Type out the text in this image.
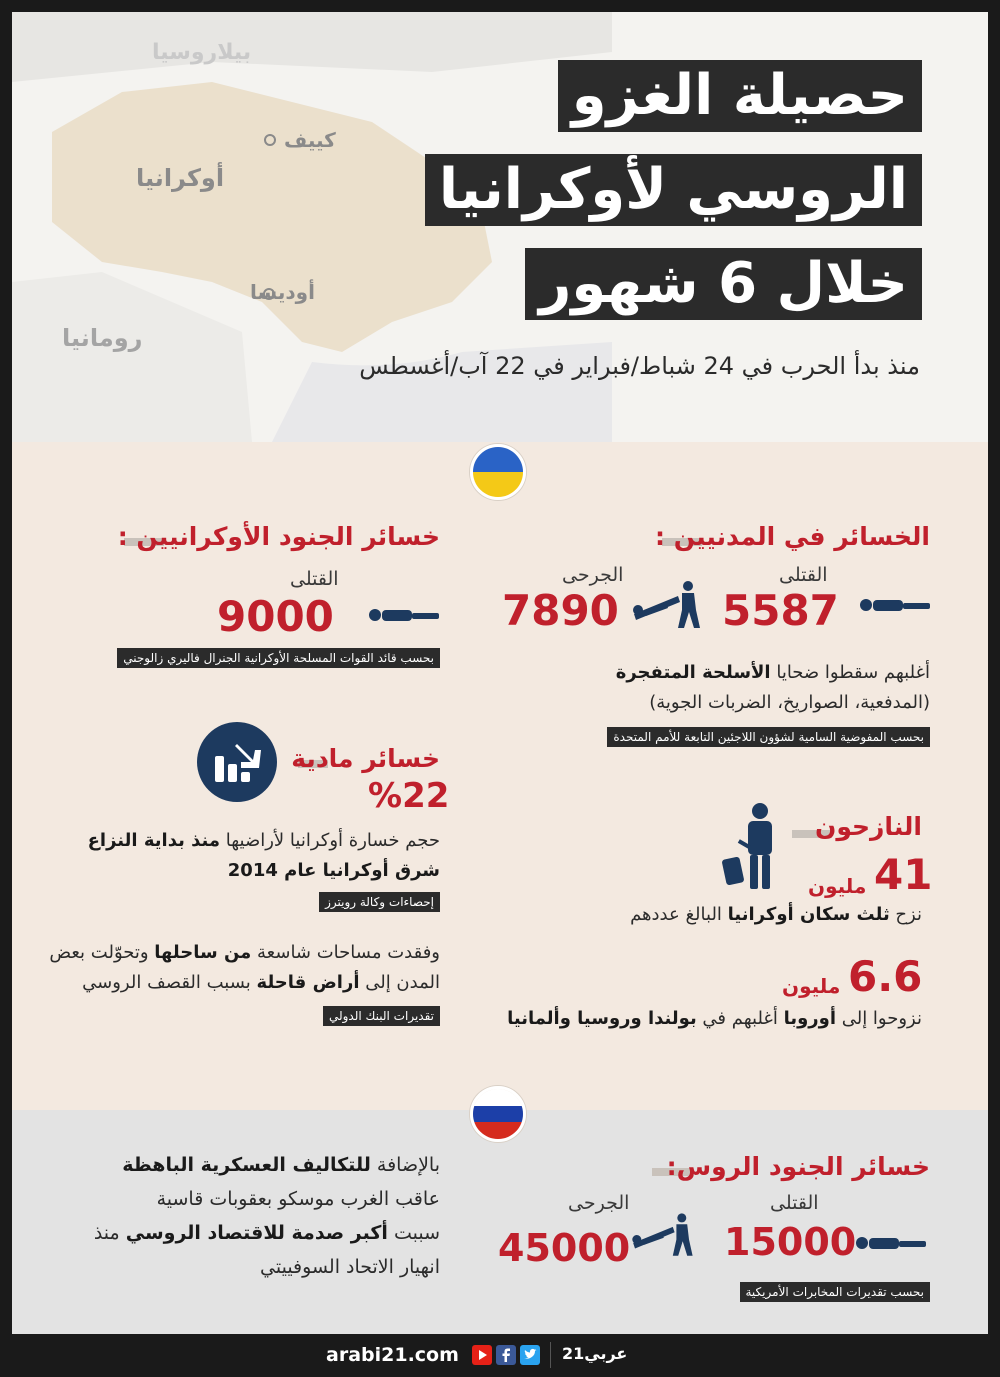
بيلاروسيا
كييف
أوكرانيا
أوديسا
رومانيا
حصيلة الغزو
الروسي لأوكرانيا
خلال 6 شهور
منذ بدأ الحرب في 24 شباط/فبراير في 22 آب/أغسطس
الخسائر في المدنيين :
القتلى
5587
الجرحى
7890
أغلبهم سقطوا ضحايا الأسلحة المتفجرة
(المدفعية، الصواريخ، الضربات الجوية)
بحسب المفوضية السامية لشؤون اللاجئين التابعة للأمم المتحدة
خسائر الجنود الأوكرانيين :
القتلى
9000
بحسب قائد القوات المسلحة الأوكرانية الجنرال فاليري زالوجني
خسائر مادية
%22
حجم خسارة أوكرانيا لأراضيها منذ بداية النزاع
شرق أوكرانيا عام 2014
إحصاءات وكالة رويترز
وفقدت مساحات شاسعة من ساحلها وتحوّلت بعض
المدن إلى أراض قاحلة بسبب القصف الروسي
تقديرات البنك الدولي
النازحون
41
مليون
نزح ثلث سكان أوكرانيا البالغ عددهم
6.6
مليون
نزوحوا إلى أوروبا أغلبهم في بولندا وروسيا وألمانيا
خسائر الجنود الروس:
القتلى
15000
الجرحى
45000
بحسب تقديرات المخابرات الأمريكية
بالإضافة للتكاليف العسكرية الباهظة
عاقب الغرب موسكو بعقوبات قاسية
سببت أكبر صدمة للاقتصاد الروسي منذ
انهيار الاتحاد السوفييتي
arabi21.com	عربي21
